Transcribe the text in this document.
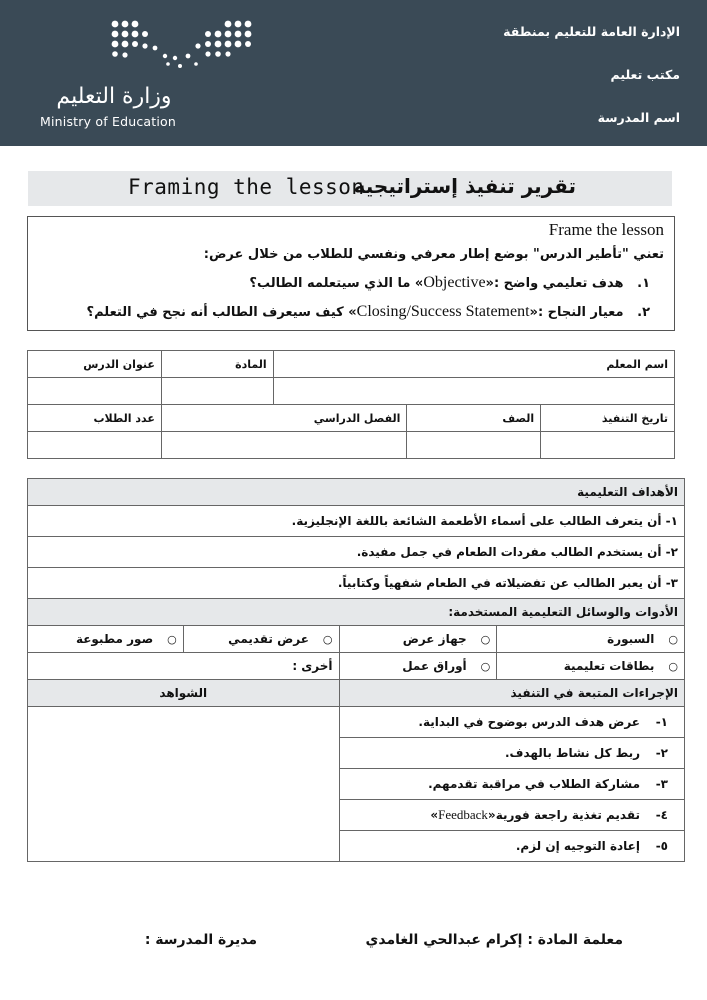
الإدارة العامة للتعليم بمنطقة
مكتب تعليم
اسم المدرسة
وزارة التعليم
Ministry of Education
تقرير تنفيذ إستراتيجية
Framing the lesson
Frame the lesson
تعني "تأطير الدرس" بوضع إطار معرفي ونفسي للطلاب من خلال عرض:
١.   هدف تعليمي واضح :«Objective» ما الذي سيتعلمه الطالب؟
٢.   معيار النجاح :«Closing/Success Statement» كيف سيعرف الطالب أنه نجح في التعلم؟
اسم المعلم			المادة	عنوان الدرس

تاريخ التنفيذ	الصف	الفصل الدراسي		عدد الطلاب

الأهداف التعليمية			
١- أن يتعرف الطالب على أسماء الأطعمة الشائعة باللغة الإنجليزية.			
٢- أن يستخدم الطالب مفردات الطعام في جمل مفيدة.			
٣- أن يعبر الطالب عن تفضيلاته في الطعام شفهياً وكتابياً.			
الأدوات والوسائل التعليمية المستخدمة:			
○السبورة	○جهاز عرض	○عرض تقديمي	○صور مطبوعة
○بطاقات تعليمية	○أوراق عمل	أخرى :	
الإجراءات المتبعة في التنفيذ		الشواهد	
١-عرض هدف الدرس بوضوح في البداية.			
٢-ربط كل نشاط بالهدف.			
٣-مشاركة الطلاب في مراقبة تقدمهم.			
٤-تقديم تغذية راجعة فورية«Feedback»			
٥-إعادة التوجيه إن لزم.			
معلمة المادة : إكرام عبدالحي الغامدي
مديرة المدرسة :
